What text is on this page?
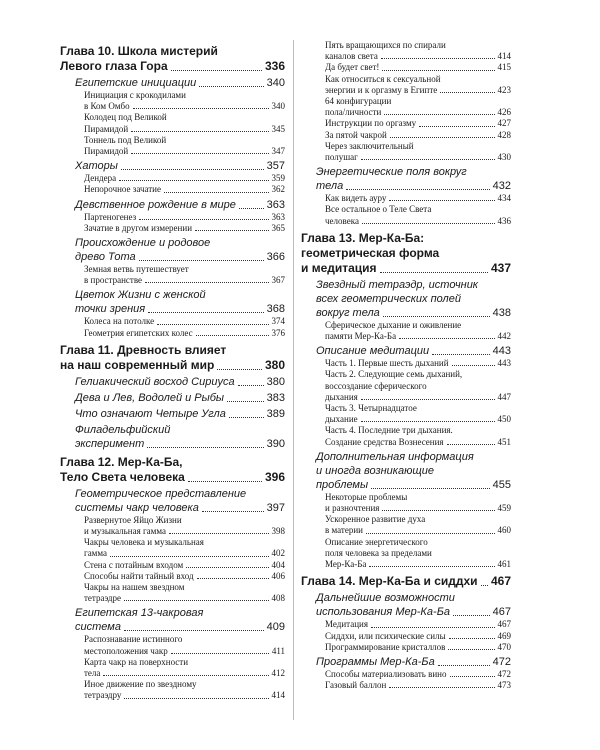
Глава 10. Школа мистерий
Левого глаза Гора	336
Египетские инициации	340
Инициация с крокодилами
в Ком Омбо	340
Колодец под Великой
Пирамидой	345
Тоннель под Великой
Пирамидой	347
Хаторы	357
Дендера	359
Непорочное зачатие	362
Девственное рождение в мире	363
Партеногенез	363
Зачатие в другом измерении	365
Происхождение и родовое
древо Тота	366
Земная ветвь путешествует
в пространстве	367
Цветок Жизни с женской
точки зрения	368
Колеса на потолке	374
Геометрия египетских колес	376
Глава 11. Древность влияет
на наш современный мир	380
Гелиакический восход Сириуса	380
Дева и Лев, Водолей и Рыбы	383
Что означают Четыре Угла	389
Филадельфийский
эксперимент	390
Глава 12. Мер-Ка-Ба,
Тело Света человека	396
Геометрическое представление
системы чакр человека	397
Развернутое Яйцо Жизни
и музыкальная гамма	398
Чакры человека и музыкальная
гамма	402
Стена с потайным входом	404
Способы найти тайный вход	406
Чакры на нашем звездном
тетраэдре	408
Египетская 13-чакровая
система	409
Распознавание истинного
местоположения чакр	411
Карта чакр на поверхности
тела	412
Иное движение по звездному
тетраэдру	414
Пять вращающихся по спирали
каналов света	414
Да будет свет!	415
Как относиться к сексуальной
энергии и к оргазму в Египте	423
64 конфигурации
пола/личности	426
Инструкции по оргазму	427
За пятой чакрой	428
Через заключительный
полушаг	430
Энергетические поля вокруг
тела	432
Как видеть ауру	434
Все остальное о Теле Света
человека	436
Глава 13. Мер-Ка-Ба:
геометрическая форма
и медитация	437
Звездный тетраэдр, источник
всех геометрических полей
вокруг тела	438
Сферическое дыхание и оживление
памяти Мер-Ка-Ба	442
Описание медитации	443
Часть 1. Первые шесть дыханий	443
Часть 2. Следующие семь дыханий,
воссоздание сферического
дыхания	447
Часть 3. Четырнадцатое
дыхание	450
Часть 4. Последние три дыхания.
Создание средства Вознесения	451
Дополнительная информация
и иногда возникающие
проблемы	455
Некоторые проблемы
и разночтения	459
Ускоренное развитие духа
в материи	460
Описание энергетического
поля человека за пределами
Мер-Ка-Ба	461
Глава 14. Мер-Ка-Ба и сиддхи 467
Дальнейшие возможности
использования Мер-Ка-Ба	467
Медитация	467
Сиддхи, или психические силы	469
Программирование кристаллов	470
Программы Мер-Ка-Ба	472
Способы материализовать вино	472
Газовый баллон	473
